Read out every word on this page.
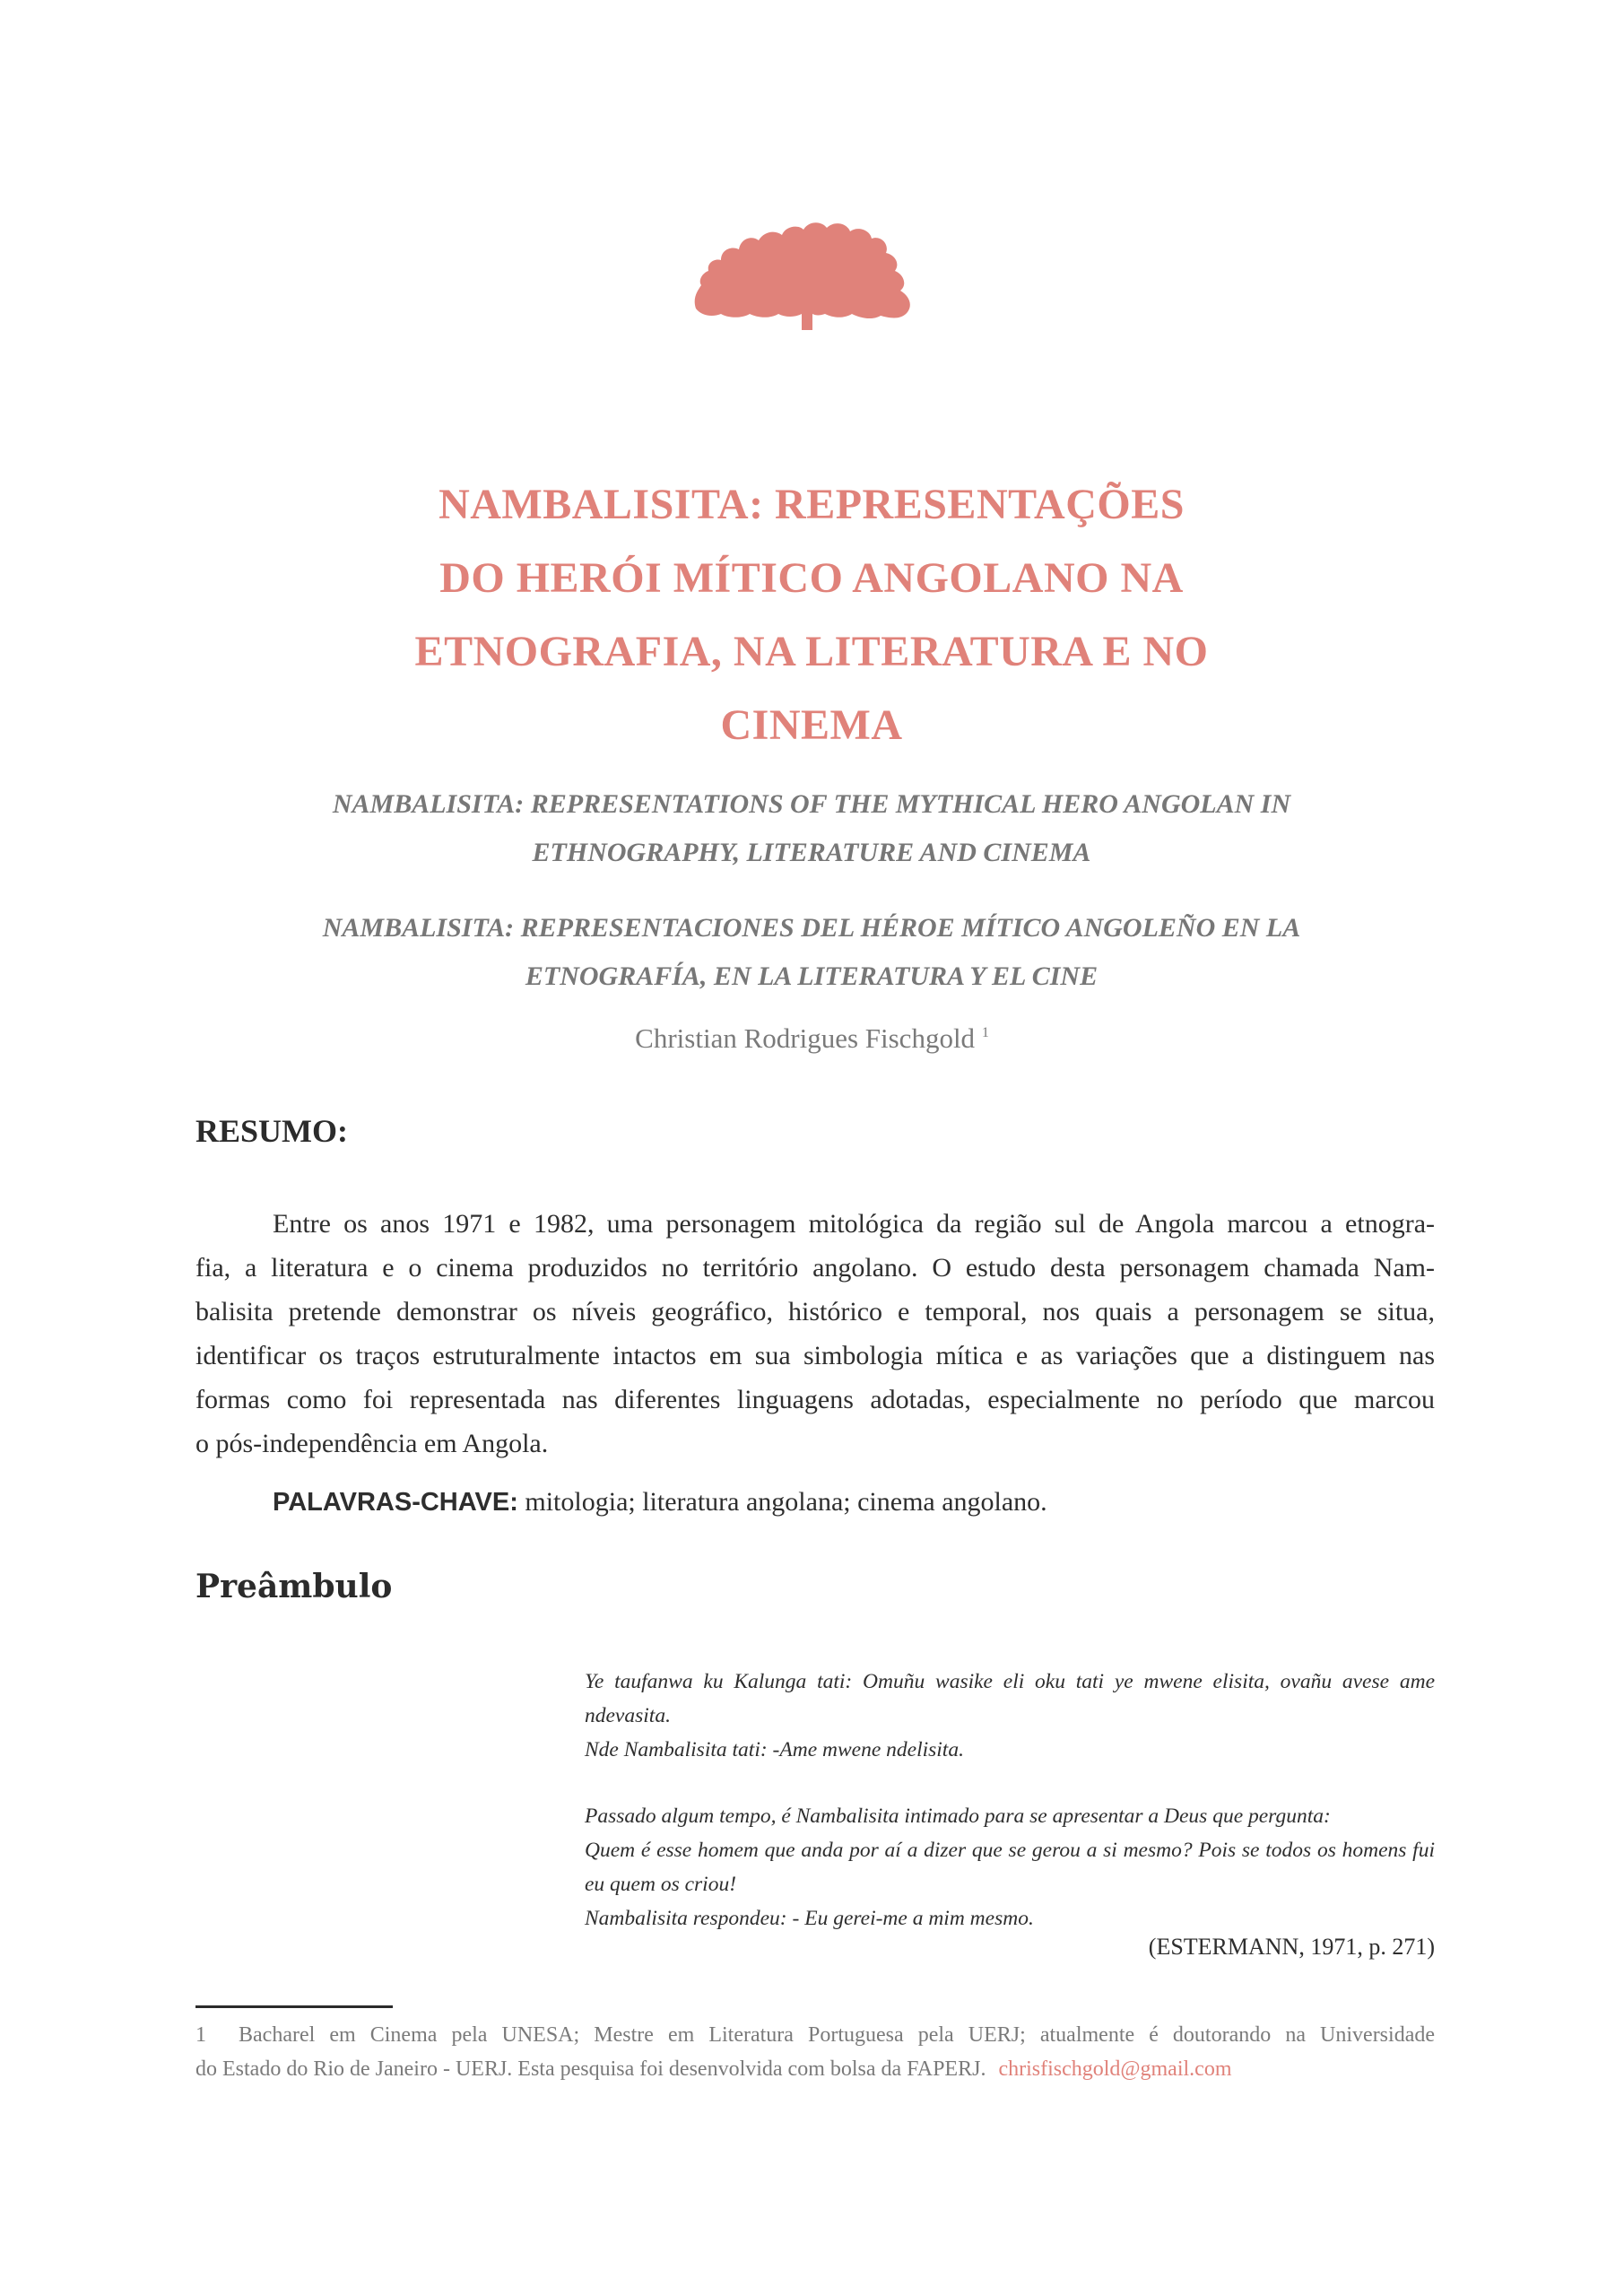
NAMBALISITA: REPRESENTAÇÕES
DO HERÓI MÍTICO ANGOLANO NA
ETNOGRAFIA, NA LITERATURA E NO
CINEMA
NAMBALISITA: REPRESENTATIONS OF THE MYTHICAL HERO ANGOLAN IN
ETHNOGRAPHY, LITERATURE AND CINEMA
NAMBALISITA: REPRESENTACIONES DEL HÉROE MÍTICO ANGOLEÑO EN LA
ETNOGRAFÍA, EN LA LITERATURA Y EL CINE
Christian Rodrigues Fischgold $^1$
RESUMO:
Entre os anos 1971 e 1982, uma personagem mitológica da região sul de Angola marcou a etnogra-
fia, a literatura e o cinema produzidos no território angolano. O estudo desta personagem chamada Nam-
balisita pretende demonstrar os níveis geográfico, histórico e temporal, nos quais a personagem se situa,
identificar os traços estruturalmente intactos em sua simbologia mítica e as variações que a distinguem nas
formas como foi representada nas diferentes linguagens adotadas, especialmente no período que marcou
o pós-independência em Angola.
PALAVRAS-CHAVE: mitologia; literatura angolana; cinema angolano.
Preâmbulo
Ye taufanwa ku Kalunga tati: Omuñu wasike eli oku tati ye mwene elisita, ovañu avese ame
ndevasita.
Nde Nambalisita tati: -Ame mwene ndelisita.
Passado algum tempo, é Nambalisita intimado para se apresentar a Deus que pergunta:
Quem é esse homem que anda por aí a dizer que se gerou a si mesmo? Pois se todos os homens fui
eu quem os criou!
Nambalisita respondeu: - Eu gerei-me a mim mesmo.
(ESTERMANN, 1971, p. 271)
1 Bacharel em Cinema pela UNESA; Mestre em Literatura Portuguesa pela UERJ; atualmente é doutorando na Universidade
do Estado do Rio de Janeiro - UERJ. Esta pesquisa foi desenvolvida com bolsa da FAPERJ. chrisfischgold@gmail.com
